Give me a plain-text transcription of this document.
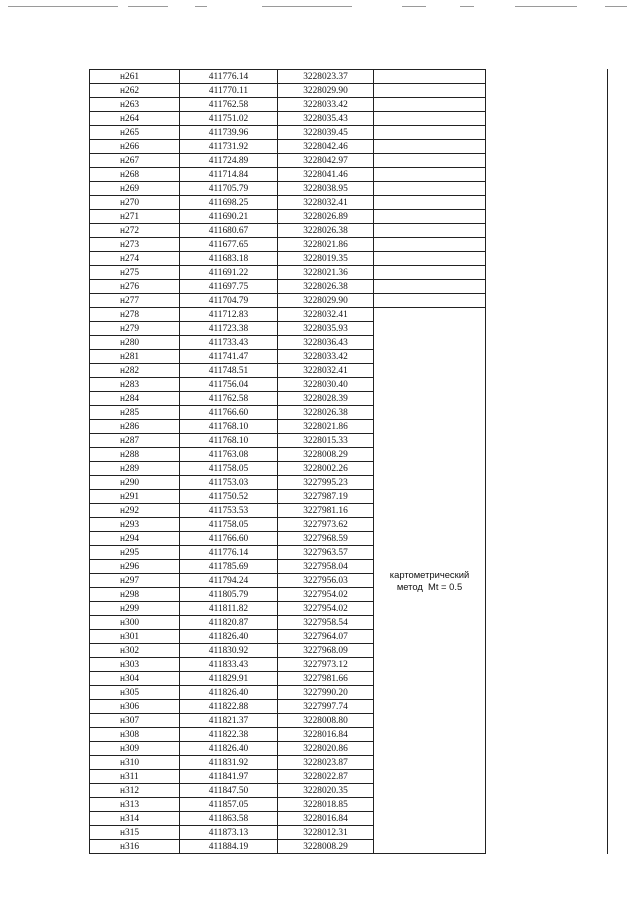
н261	411776.14	3228023.37			
н262	411770.11	3228029.90			
н263	411762.58	3228033.42			
н264	411751.02	3228035.43			
н265	411739.96	3228039.45			
н266	411731.92	3228042.46			
н267	411724.89	3228042.97			
н268	411714.84	3228041.46			
н269	411705.79	3228038.95			
н270	411698.25	3228032.41			
н271	411690.21	3228026.89			
н272	411680.67	3228026.38			
н273	411677.65	3228021.86			
н274	411683.18	3228019.35			
н275	411691.22	3228021.36			
н276	411697.75	3228026.38			
н277	411704.79	3228029.90			
н278	411712.83	3228032.41	картометрический
метод  Mt = 0.5

н279	411723.38	3228035.93		
н280	411733.43	3228036.43		
н281	411741.47	3228033.42		
н282	411748.51	3228032.41		
н283	411756.04	3228030.40		
н284	411762.58	3228028.39		
н285	411766.60	3228026.38		
н286	411768.10	3228021.86		
н287	411768.10	3228015.33		
н288	411763.08	3228008.29		
н289	411758.05	3228002.26		
н290	411753.03	3227995.23		
н291	411750.52	3227987.19		
н292	411753.53	3227981.16		
н293	411758.05	3227973.62		
н294	411766.60	3227968.59		
н295	411776.14	3227963.57		
н296	411785.69	3227958.04		
н297	411794.24	3227956.03		
н298	411805.79	3227954.02		
н299	411811.82	3227954.02		
н300	411820.87	3227958.54		
н301	411826.40	3227964.07		
н302	411830.92	3227968.09		
н303	411833.43	3227973.12		
н304	411829.91	3227981.66		
н305	411826.40	3227990.20		
н306	411822.88	3227997.74		
н307	411821.37	3228008.80		
н308	411822.38	3228016.84		
н309	411826.40	3228020.86		
н310	411831.92	3228023.87		
н311	411841.97	3228022.87		
н312	411847.50	3228020.35		
н313	411857.05	3228018.85		
н314	411863.58	3228016.84		
н315	411873.13	3228012.31		
н316	411884.19	3228008.29		
